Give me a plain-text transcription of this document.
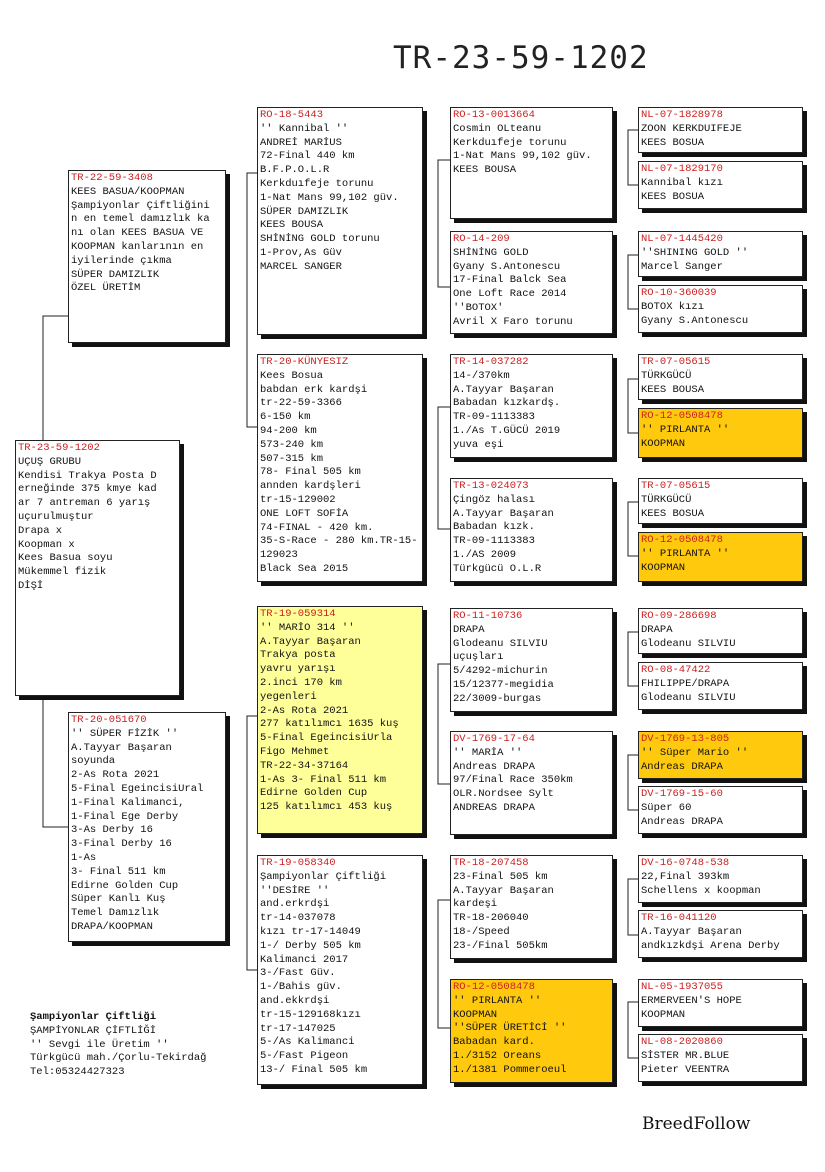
TR-23-59-1202
TR-23-59-1202
UÇUŞ GRUBU
Kendisi Trakya Posta D
erneğinde 375 kmye kad
ar 7 antreman 6 yarış
uçurulmuştur
Drapa x
Koopman x
Kees Basua soyu
Mükemmel fizik
DİŞİ
TR-22-59-3408
KEES BASUA/KOOPMAN
Şampiyonlar Çiftliğini
n en temel damızlık ka
nı olan KEES BASUA VE
KOOPMAN kanlarının en
iyilerinde çıkma
SÜPER DAMIZLIK
ÖZEL ÜRETİM
TR-20-051670
'' SÜPER FİZİK ''
A.Tayyar Başaran
soyunda
2-As Rota 2021
5-Final EgeincisiUral
1-Final Kalimanci,
1-Final Ege Derby
3-As Derby 16
3-Final Derby 16
1-As
3- Final 511 km
Edirne Golden Cup
Süper Kanlı Kuş
Temel Damızlık
DRAPA/KOOPMAN
RO-18-5443
'' Kannibal ''
ANDREİ MARİUS
72-Final 440 km
B.F.P.O.L.R
Kerkduıfeje torunu
1-Nat Mans 99,102 güv.
SÜPER DAMIZLIK
KEES BOUSA
SHİNİNG GOLD torunu
1-Prov,As Güv
MARCEL SANGER
TR-20-KÜNYESIZ
Kees Bosua
babdan erk kardşi
tr-22-59-3366
6-150 km
94-200 km
573-240 km
507-315 km
78- Final 505 km
annden kardşleri
tr-15-129002
ONE LOFT SOFİA
74-FINAL - 420 km.
35-S-Race - 280 km.TR-15-129023
Black Sea 2015
TR-19-059314
'' MARİO 314 ''
A.Tayyar Başaran
Trakya posta
yavru yarışı
2.inci 170 km
yegenleri
2-As Rota 2021
277 katılımcı 1635 kuş
5-Final EgeincisiUrla
Figo Mehmet
TR-22-34-37164
1-As 3- Final 511 km
Edirne Golden Cup
125 katılımcı 453 kuş
TR-19-058340
Şampiyonlar Çiftliği
''DESİRE ''
and.erkrdşi
tr-14-037078
kızı tr-17-14049
1-/ Derby 505 km
Kalimanci 2017
3-/Fast Güv.
1-/Bahis güv.
and.ekkrdşi
tr-15-129168kızı
tr-17-147025
5-/As Kalimanci
5-/Fast Pigeon
13-/ Final 505 km
RO-13-0013664
Cosmin OLteanu
Kerkduıfeje torunu
1-Nat Mans 99,102 güv.
KEES BOUSA
RO-14-209
SHİNİNG GOLD
Gyany S.Antonescu
17-Final Balck Sea
One Loft Race 2014
''BOTOX'
Avril X Faro torunu
TR-14-037282
14-/370km
A.Tayyar Başaran
Babadan kızkardş.
TR-09-1113383
1./As T.GÜCÜ 2019
yuva eşi
TR-13-024073
Çingöz halası
A.Tayyar Başaran
Babadan kızk.
TR-09-1113383
1./AS 2009
Türkgücü O.L.R
RO-11-10736
DRAPA
Glodeanu SILVIU
uçuşları
5/4292-michurin
15/12377-megidia
22/3009-burgas
DV-1769-17-64
'' MARİA ''
Andreas DRAPA
97/Final Race 350km
OLR.Nordsee Sylt
ANDREAS DRAPA
TR-18-207458
23-Final 505 km
A.Tayyar Başaran
kardeşi
TR-18-206040
18-/Speed
23-/Final 505km
RO-12-0508478
'' PIRLANTA ''
KOOPMAN
''SÜPER ÜRETİCİ ''
Babadan kard.
1./3152 Oreans
1./1381 Pommeroeul
NL-07-1828978
ZOON KERKDUIFEJE
KEES BOSUA
NL-07-1829170
Kannibal kızı
KEES BOSUA
NL-07-1445420
''SHINING GOLD ''
Marcel Sanger
RO-10-360039
BOTOX kızı
Gyany S.Antonescu
TR-07-05615
TÜRKGÜCÜ
KEES BOUSA
RO-12-0508478
'' PIRLANTA ''
KOOPMAN
TR-07-05615
TÜRKGÜCÜ
KEES BOSUA
RO-12-0508478
'' PIRLANTA ''
KOOPMAN
RO-09-286698
DRAPA
Glodeanu SILVIU
RO-08-47422
FHILIPPE/DRAPA
Glodeanu SILVIU
DV-1769-13-805
'' Süper Mario ''
Andreas DRAPA
DV-1769-15-60
Süper 60
Andreas DRAPA
DV-16-0748-538
22,Final 393km
Schellens x koopman
TR-16-041120
A.Tayyar Başaran
andkızkdşi Arena Derby
NL-05-1937055
ERMERVEEN'S HOPE
KOOPMAN
NL-08-2020860
SİSTER MR.BLUE
Pieter VEENTRA
Şampiyonlar Çiftliği
ŞAMPİYONLAR ÇİFTLİĞİ
'' Sevgi ile Üretim ''
Türkgücü mah./Çorlu-Tekirdağ
Tel:05324427323
BreedFollow
